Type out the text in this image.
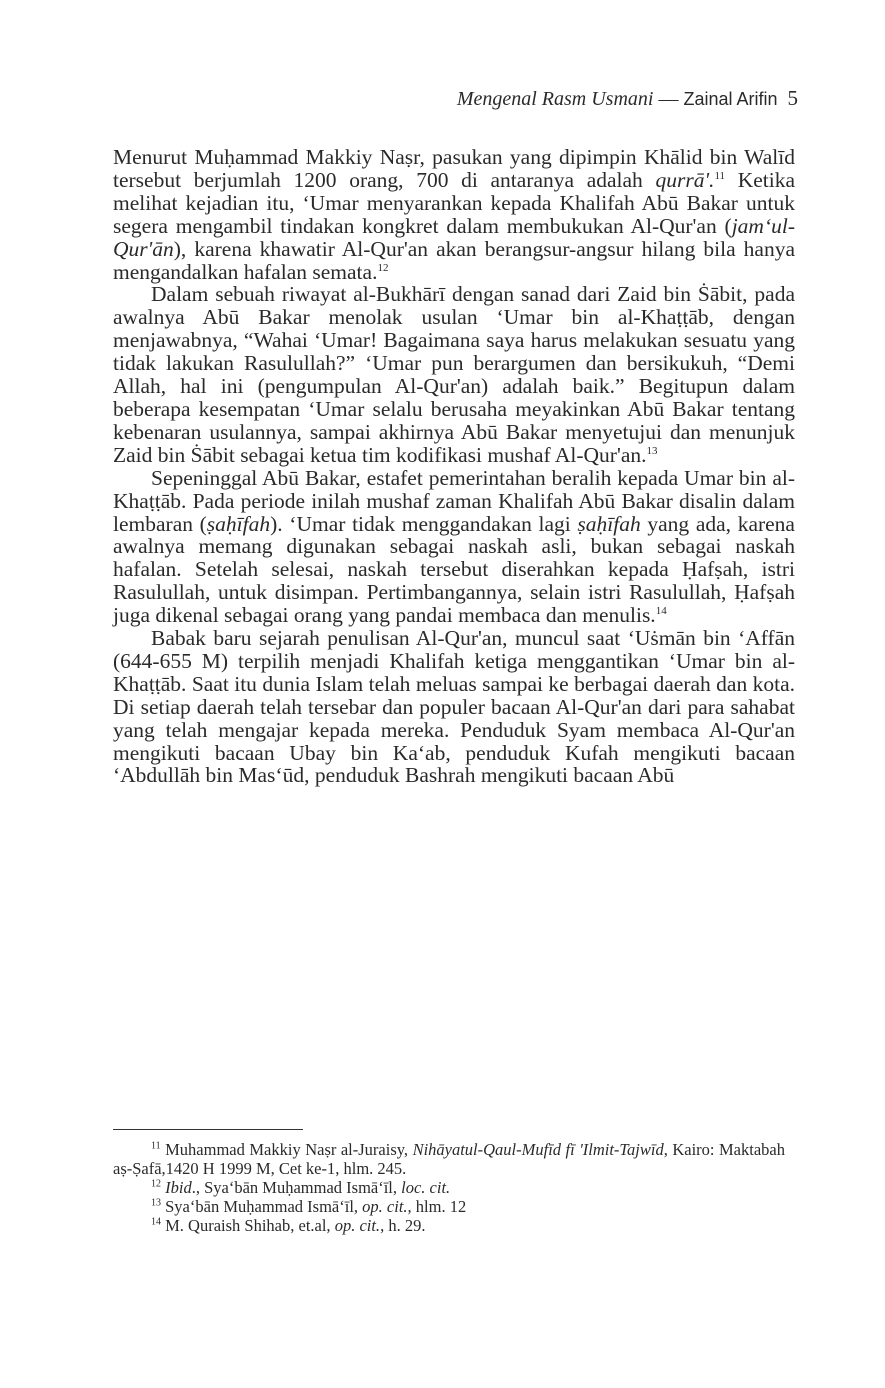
Mengenal Rasm Usmani — Zainal Arifin 5

Menurut Muḥammad Makkiy Naṣr, pasukan yang dipimpin Khālid bin Walīd tersebut berjumlah 1200 orang, 700 di antaranya adalah qurrā'.$^{11}$ Ketika melihat kejadian itu, ‘Umar menyarankan kepada Khalifah Abū Bakar untuk segera mengambil tindakan kongkret dalam membukukan Al-Qur'an (jam‘ul-Qur'ān), karena khawatir Al-Qur'an akan berangsur-angsur hilang bila hanya mengandalkan hafalan semata.$^{12}$

Dalam sebuah riwayat al-Bukhārī dengan sanad dari Zaid bin Ṡābit, pada awalnya Abū Bakar menolak usulan ‘Umar bin al-Khaṭṭāb, dengan menjawabnya, “Wahai ‘Umar! Bagaimana saya harus melakukan sesuatu yang tidak lakukan Rasulullah?” ‘Umar pun berargumen dan bersikukuh, “Demi Allah, hal ini (pengumpulan Al-Qur'an) adalah baik.” Begitupun dalam beberapa kesempatan ‘Umar selalu berusaha meyakinkan Abū Bakar tentang kebenaran usulannya, sampai akhirnya Abū Bakar menyetujui dan menunjuk Zaid bin Ṡābit sebagai ketua tim kodifikasi mushaf Al-Qur'an.$^{13}$

Sepeninggal Abū Bakar, estafet pemerintahan beralih kepada Umar bin al-Khaṭṭāb. Pada periode inilah mushaf zaman Khalifah Abū Bakar disalin dalam lembaran (ṣaḥīfah). ‘Umar tidak menggandakan lagi ṣaḥīfah yang ada, karena awalnya memang digunakan sebagai naskah asli, bukan sebagai naskah hafalan. Setelah selesai, naskah tersebut diserahkan kepada Ḥafṣah, istri Rasulullah, untuk disimpan. Pertimbangannya, selain istri Rasulullah, Ḥafṣah juga dikenal sebagai orang yang pandai membaca dan menulis.$^{14}$

Babak baru sejarah penulisan Al-Qur'an, muncul saat ‘Uṡmān bin ‘Affān (644-655 M) terpilih menjadi Khalifah ketiga menggantikan ‘Umar bin al-Khaṭṭāb. Saat itu dunia Islam telah meluas sampai ke berbagai daerah dan kota. Di setiap daerah telah tersebar dan populer bacaan Al-Qur'an dari para sahabat yang telah mengajar kepada mereka. Penduduk Syam membaca Al-Qur'an mengikuti bacaan Ubay bin Ka‘ab, penduduk Kufah mengikuti bacaan ‘Abdullāh bin Mas‘ūd, penduduk Bashrah mengikuti bacaan Abū

$^{11}$ Muhammad Makkiy Naṣr al-Juraisy, Nihāyatul-Qaul-Mufīd fī 'Ilmit-Tajwīd, Kairo: Maktabah aṣ-Ṣafā,1420 H 1999 M, Cet ke-1, hlm. 245.

$^{12}$ Ibid., Sya‘bān Muḥammad Ismā‘īl, loc. cit.

$^{13}$ Sya‘bān Muḥammad Ismā‘īl, op. cit., hlm. 12

$^{14}$ M. Quraish Shihab, et.al, op. cit., h. 29.
